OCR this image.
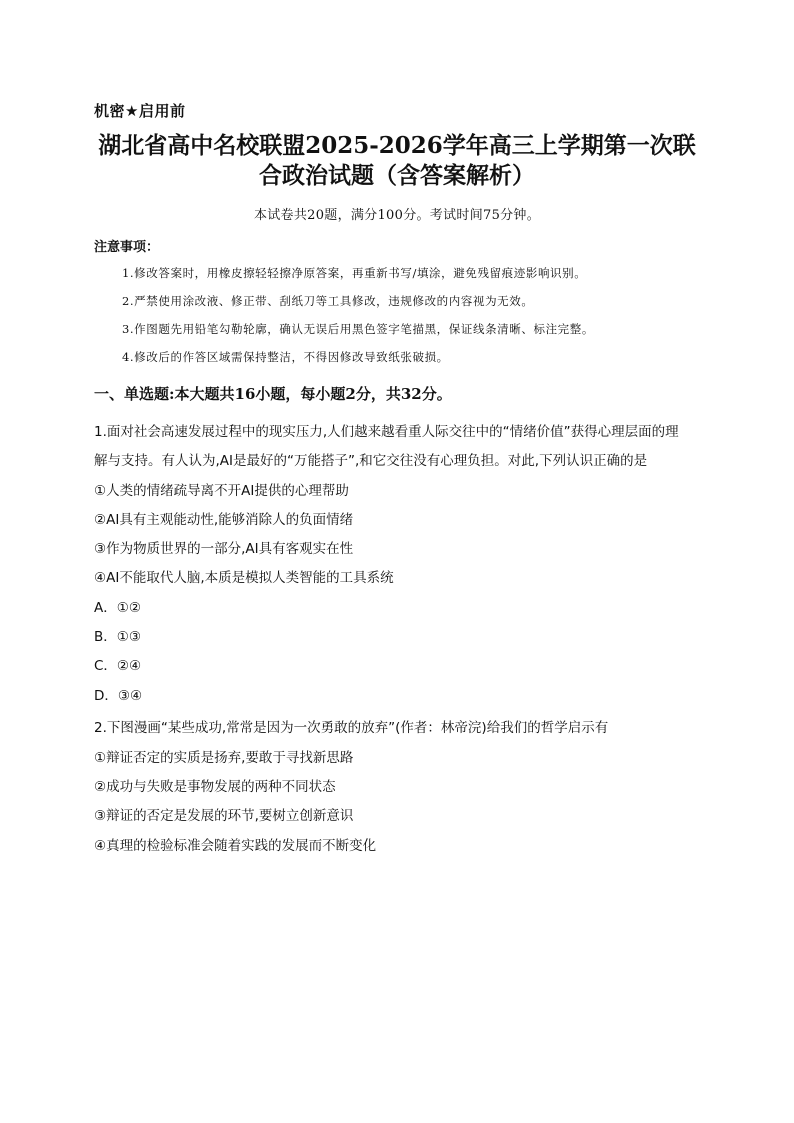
机密★启用前
湖北省高中名校联盟2025-2026学年高三上学期第一次联
合政治试题（含答案解析）
本试卷共20题，满分100分。考试时间75分钟。
注意事项：
1.修改答案时，用橡皮擦轻轻擦净原答案，再重新书写/填涂，避免残留痕迹影响识别。
2.严禁使用涂改液、修正带、刮纸刀等工具修改，违规修改的内容视为无效。
3.作图题先用铅笔勾勒轮廓，确认无误后用黑色签字笔描黑，保证线条清晰、标注完整。
4.修改后的作答区域需保持整洁，不得因修改导致纸张破损。
一、单选题:本大题共16小题，每小题2分，共32分。
1.面对社会高速发展过程中的现实压力,人们越来越看重人际交往中的“情绪价值”获得心理层面的理
解与支持。有人认为,AI是最好的“万能搭子”,和它交往没有心理负担。对此,下列认识正确的是
①人类的情绪疏导离不开AI提供的心理帮助
②AI具有主观能动性,能够消除人的负面情绪
③作为物质世界的一部分,AI具有客观实在性
④AI不能取代人脑,本质是模拟人类智能的工具系统
A．①②
B．①③
C．②④
D．③④
2.下图漫画“某些成功,常常是因为一次勇敢的放弃”(作者：林帝浣)给我们的哲学启示有
①辩证否定的实质是扬弃,要敢于寻找新思路
②成功与失败是事物发展的两种不同状态
③辩证的否定是发展的环节,要树立创新意识
④真理的检验标准会随着实践的发展而不断变化
